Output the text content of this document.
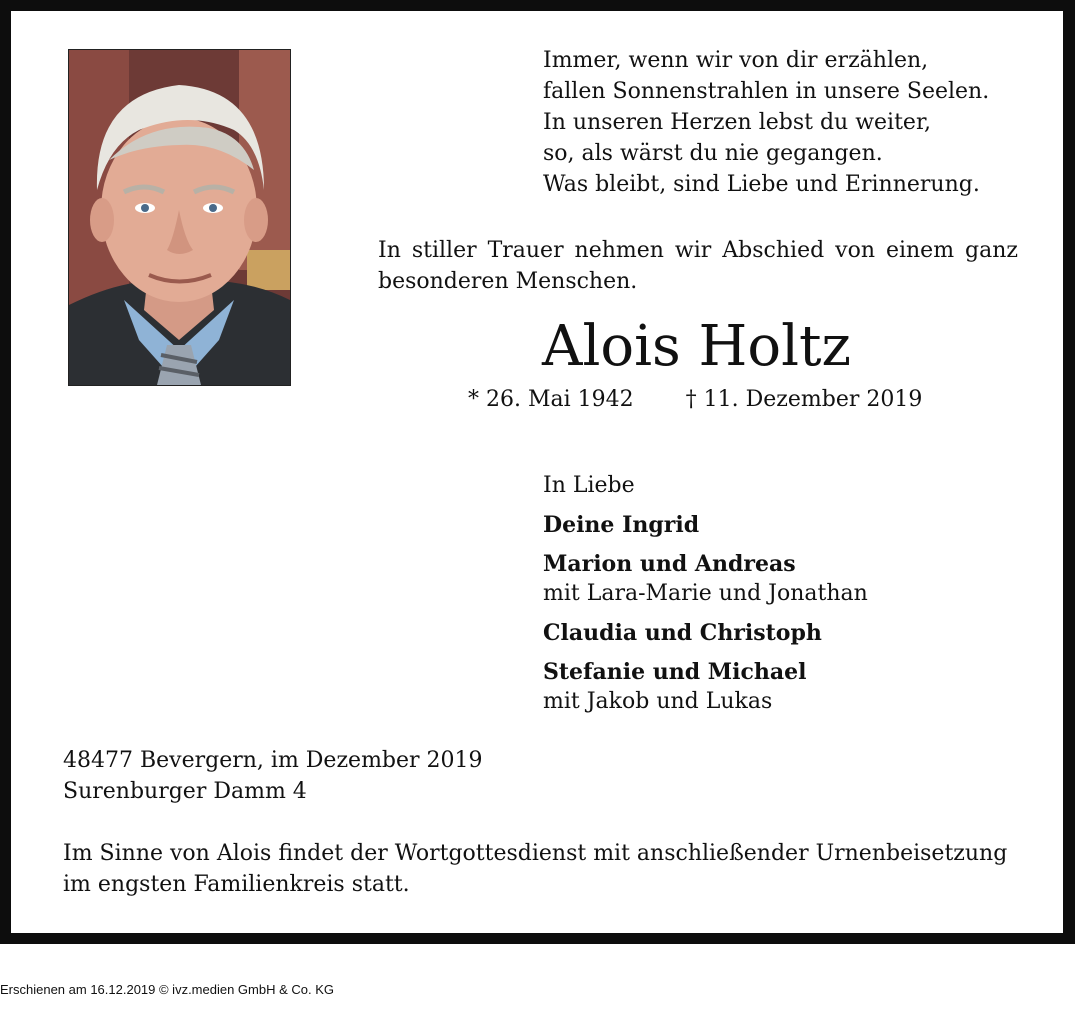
Immer, wenn wir von dir erzählen,
fallen Sonnenstrahlen in unsere Seelen.
In unseren Herzen lebst du weiter,
so, als wärst du nie gegangen.
Was bleibt, sind Liebe und Erinnerung.
In stiller Trauer nehmen wir Abschied von einem ganz besonderen Menschen.
Alois Holtz
* 26. Mai 1942 † 11. Dezember 2019
In Liebe
Deine Ingrid
Marion und Andreas
mit Lara-Marie und Jonathan
Claudia und Christoph
Stefanie und Michael
mit Jakob und Lukas
48477 Bevergern, im Dezember 2019
Surenburger Damm 4
Im Sinne von Alois findet der Wortgottesdienst mit anschließender Urnenbeisetzung im engsten Familienkreis statt.
Erschienen am 16.12.2019 © ivz.medien GmbH & Co. KG
